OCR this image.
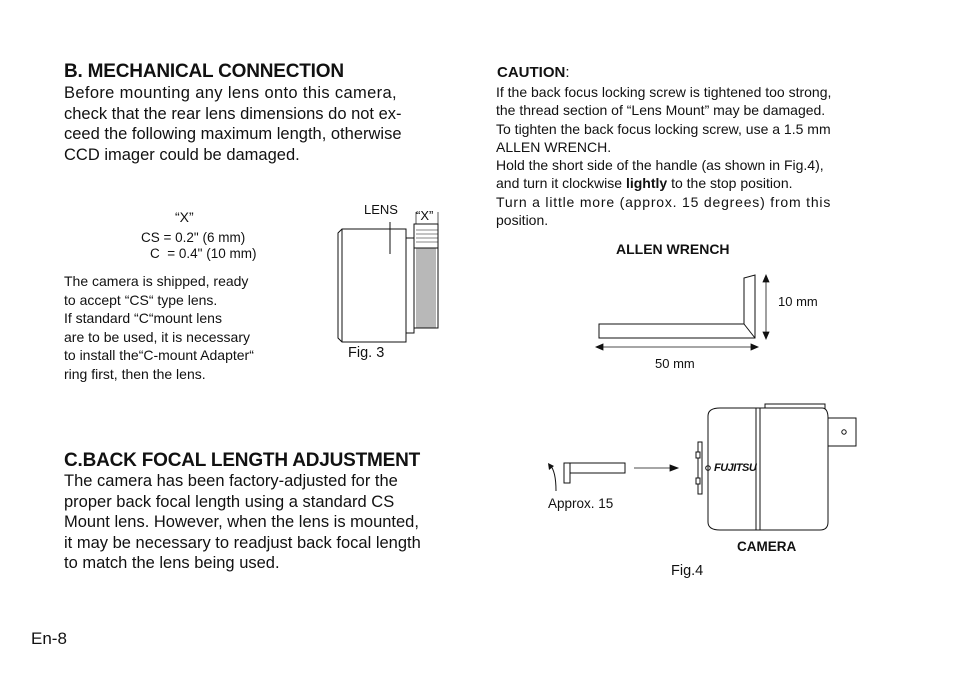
B. MECHANICAL CONNECTION
Before mounting any lens onto this camera,
check that the rear lens dimensions do not ex-
ceed the following maximum length, otherwise
CCD imager could be damaged.
“X”
CS = 0.2" (6 mm)
C  = 0.4" (10 mm)
The camera is shipped, ready
to accept “CS“ type lens.
If standard “C“mount lens
are to be used, it is necessary
to install the“C-mount Adapter“
ring first, then the lens.
LENS “X”
Fig. 3
C.BACK FOCAL LENGTH ADJUSTMENT
The camera has been factory-adjusted for the
proper back focal length using a standard CS
Mount lens. However, when the lens is mounted,
it may be necessary to readjust back focal length
to match the lens being used.
En-8
CAUTION:
If the back focus locking screw is tightened too strong,
the thread section of “Lens Mount” may be damaged.
To tighten the back focus locking screw, use a 1.5 mm
ALLEN WRENCH.
Hold the short side of the handle (as shown in Fig.4),
and turn it clockwise lightly to the stop position.
Turn a little more (approx. 15 degrees) from this
position.
ALLEN WRENCH
10 mm
50 mm
Approx. 15
FUJITSU
CAMERA
Fig.4
